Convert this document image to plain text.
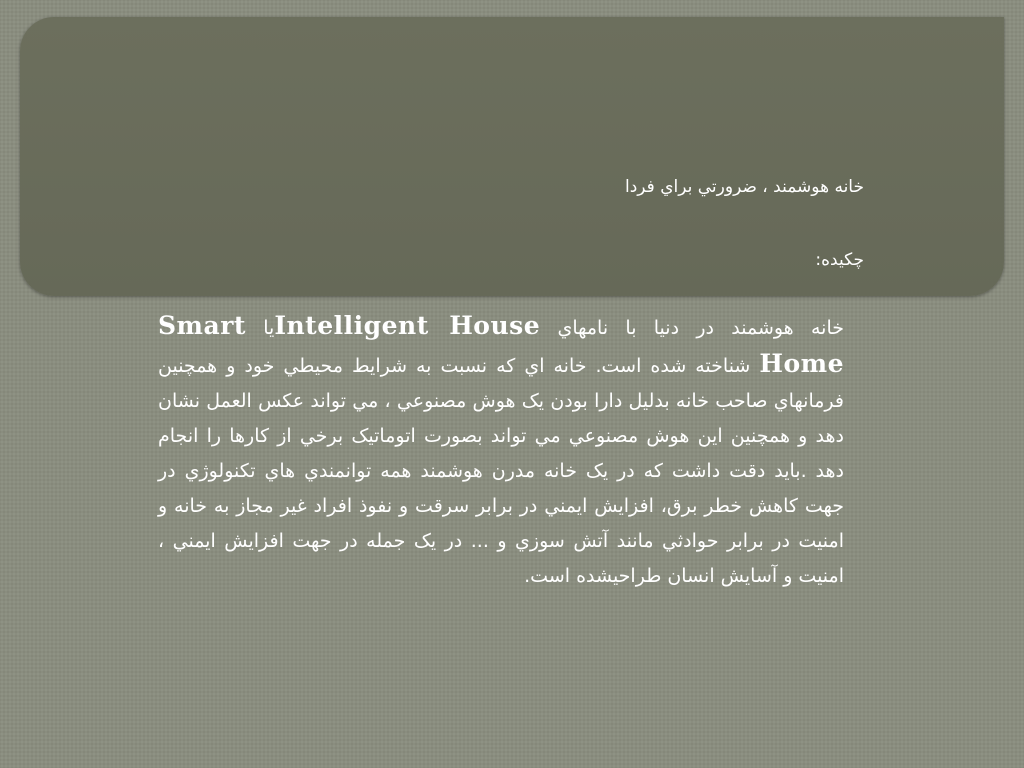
خانه هوشمند ، ضرورتي براي فردا
چکيده:
خانه هوشمند در دنيا با نامهاي Intelligent Houseيا Smart Home شناخته شده است. خانه اي که نسبت به شرايط محيطي خود و همچنين فرمانهاي صاحب خانه بدليل دارا بودن يک هوش مصنوعي ، مي تواند عکس العمل نشان دهد و همچنين اين هوش مصنوعي مي تواند بصورت اتوماتيک برخي از کارها را انجام دهد .بايد دقت داشت که در يک خانه مدرن هوشمند همه توانمندي هاي تکنولوژي در جهت کاهش خطر برق، افزايش ايمني در برابر سرقت و نفوذ افراد غير مجاز به خانه و امنيت در برابر حوادثي مانند آتش سوزي و ... در يک جمله در جهت افزايش ايمني ، امنيت و آسايش انسان طراحيشده است.
